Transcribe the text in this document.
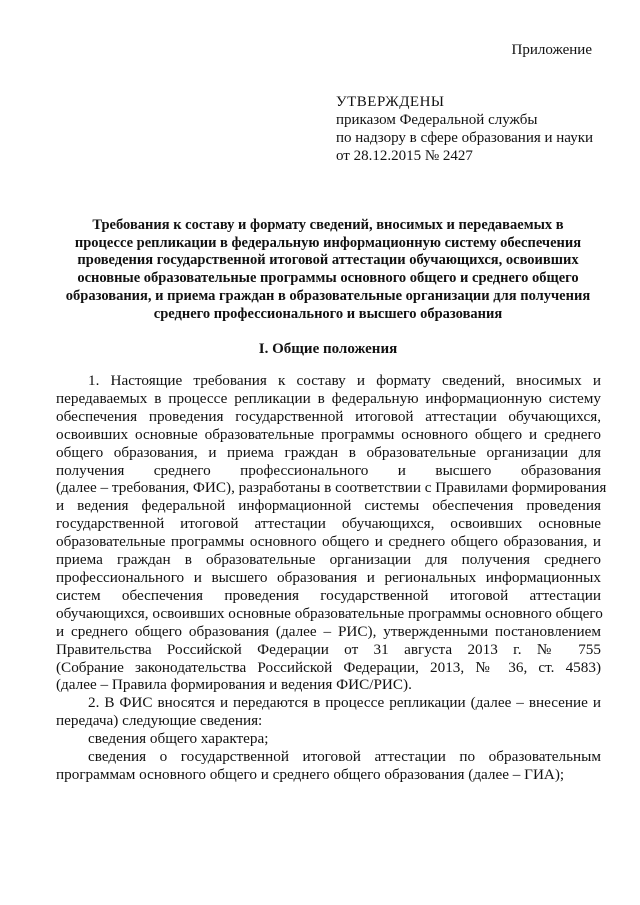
Приложение
УТВЕРЖДЕНЫ
приказом Федеральной службы
по надзору в сфере образования и науки
от 28.12.2015 № 2427
Требования к составу и формату сведений, вносимых и передаваемых в
процессе репликации в федеральную информационную систему обеспечения
проведения государственной итоговой аттестации обучающихся, освоивших
основные образовательные программы основного общего и среднего общего
образования, и приема граждан в образовательные организации для получения
среднего профессионального и высшего образования
I. Общие положения
1. Настоящие требования к составу и формату сведений, вносимых и
передаваемых в процессе репликации в федеральную информационную систему
обеспечения проведения государственной итоговой аттестации обучающихся,
освоивших основные образовательные программы основного общего и среднего
общего образования, и приема граждан в образовательные организации для
получения среднего профессионального и высшего образования
(далее – требования, ФИС), разработаны в соответствии с Правилами формирования
и ведения федеральной информационной системы обеспечения проведения
государственной итоговой аттестации обучающихся, освоивших основные
образовательные программы основного общего и среднего общего образования, и
приема граждан в образовательные организации для получения среднего
профессионального и высшего образования и региональных информационных
систем обеспечения проведения государственной итоговой аттестации
обучающихся, освоивших основные образовательные программы основного общего
и среднего общего образования (далее – РИС), утвержденными постановлением
Правительства Российской Федерации от 31 августа 2013 г. № 755
(Собрание законодательства Российской Федерации, 2013, № 36, ст. 4583)
(далее – Правила формирования и ведения ФИС/РИС).
2. В ФИС вносятся и передаются в процессе репликации (далее – внесение и
передача) следующие сведения:
сведения общего характера;
сведения о государственной итоговой аттестации по образовательным
программам основного общего и среднего общего образования (далее – ГИА);
